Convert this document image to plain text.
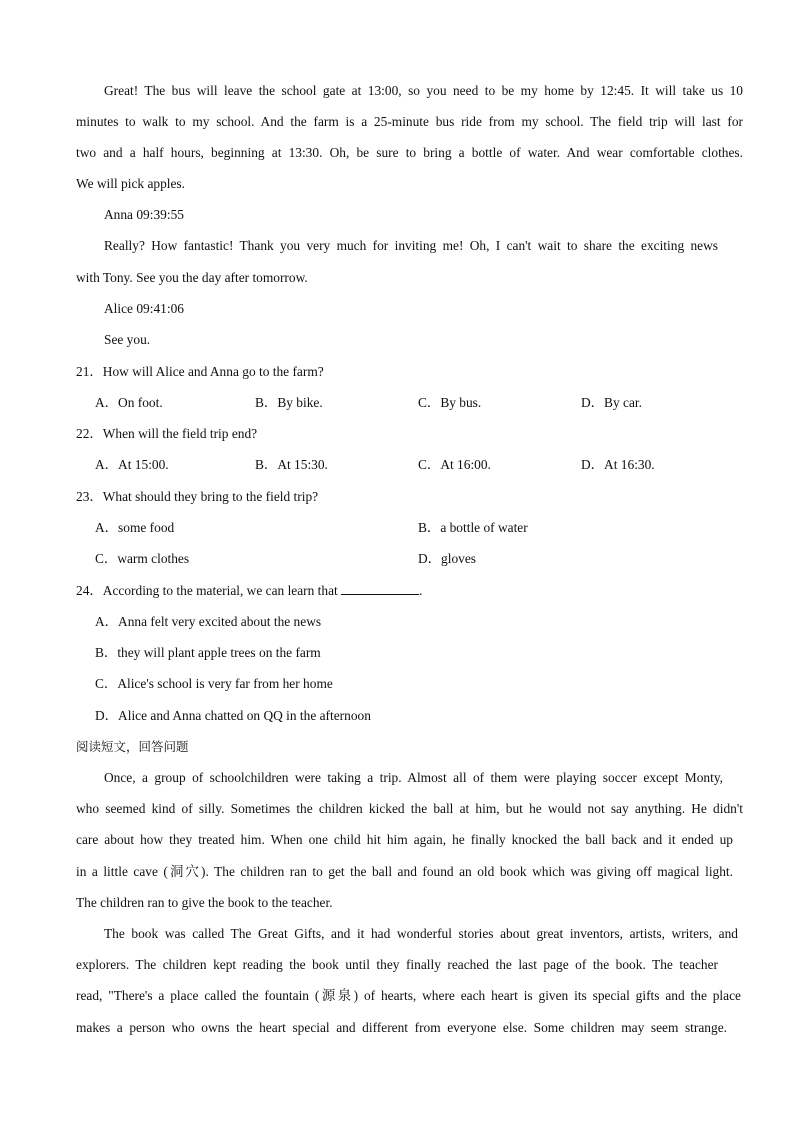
Great! The bus will leave the school gate at 13:00, so you need to be my home by 12:45. It will take us 10
minutes to walk to my school. And the farm is a 25-minute bus ride from my school. The field trip will last for
two and a half hours, beginning at 13:30. Oh, be sure to bring a bottle of water. And wear comfortable clothes.
We will pick apples.
Anna 09:39:55
Really? How fantastic! Thank you very much for inviting me! Oh, I can't wait to share the exciting news
with Tony. See you the day after tomorrow.
Alice 09:41:06
See you.
21．How will Alice and Anna go to the farm?
A．On foot.	B．By bike.	C．By bus.	D．By car.
22．When will the field trip end?
A．At 15:00.	B．At 15:30.	C．At 16:00.	D．At 16:30.
23．What should they bring to the field trip?
A．some food	B．a bottle of water
C．warm clothes	D．gloves
24．According to the material, we can learn that	.
A．Anna felt very excited about the news
B．they will plant apple trees on the farm
C．Alice's school is very far from her home
D．Alice and Anna chatted on QQ in the afternoon
阅读短文，回答问题
Once, a group of schoolchildren were taking a trip. Almost all of them were playing soccer except Monty,
who seemed kind of silly. Sometimes the children kicked the ball at him, but he would not say anything. He didn't
care about how they treated him. When one child hit him again, he finally knocked the ball back and it ended up
in a little cave (洞穴). The children ran to get the ball and found an old book which was giving off magical light.
The children ran to give the book to the teacher.
The book was called The Great Gifts, and it had wonderful stories about great inventors, artists, writers, and
explorers. The children kept reading the book until they finally reached the last page of the book. The teacher
read, "There's a place called the fountain (源泉) of hearts, where each heart is given its special gifts and the place
makes a person who owns the heart special and different from everyone else. Some children may seem strange.
